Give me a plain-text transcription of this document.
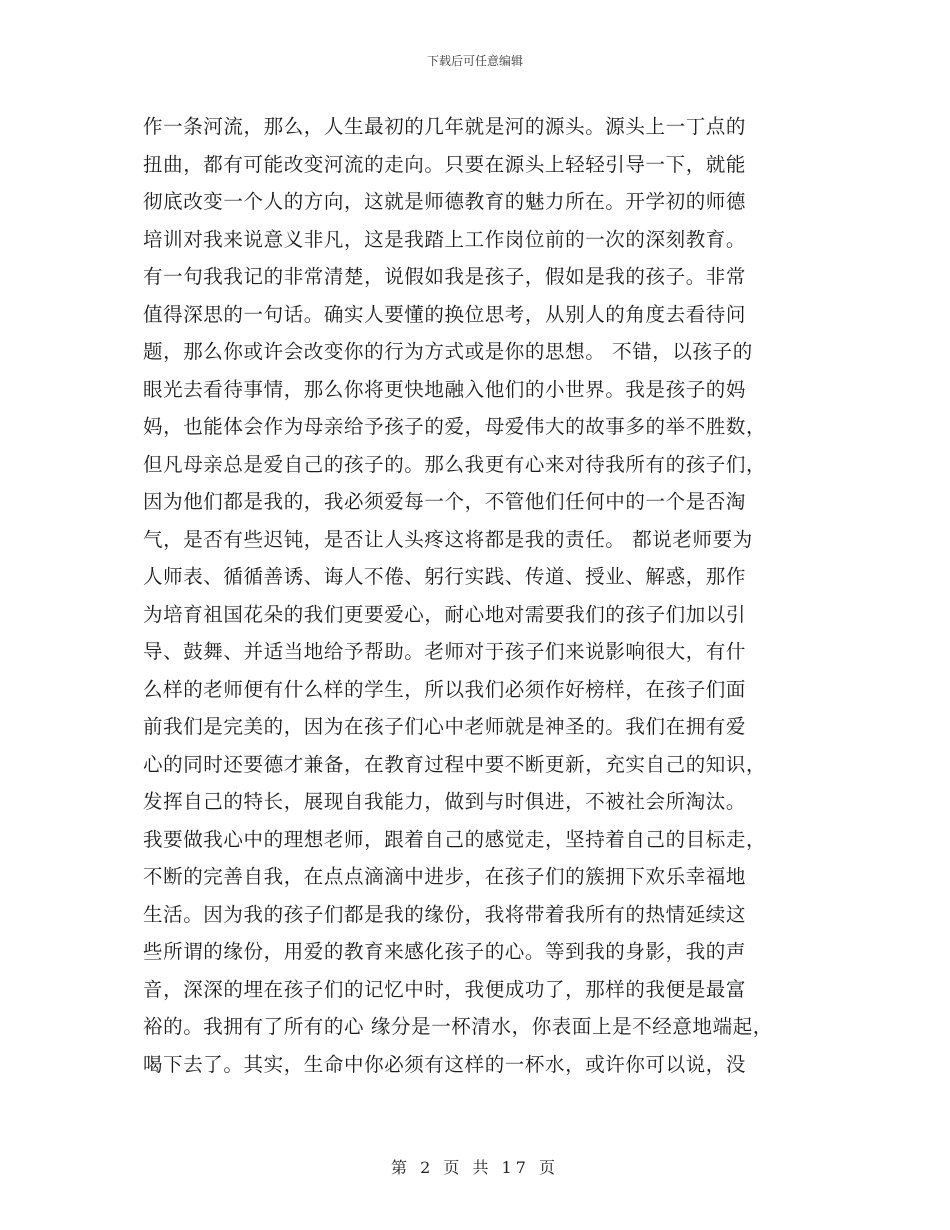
下载后可任意编辑
作一条河流，那么，人生最初的几年就是河的源头。源头上一丁点的
扭曲，都有可能改变河流的走向。只要在源头上轻轻引导一下，就能
彻底改变一个人的方向，这就是师德教育的魅力所在。开学初的师德
培训对我来说意义非凡，这是我踏上工作岗位前的一次的深刻教育。
有一句我我记的非常清楚，说假如我是孩子，假如是我的孩子。非常
值得深思的一句话。确实人要懂的换位思考，从别人的角度去看待问
题，那么你或许会改变你的行为方式或是你的思想。 不错，以孩子的
眼光去看待事情，那么你将更快地融入他们的小世界。我是孩子的妈
妈，也能体会作为母亲给予孩子的爱，母爱伟大的故事多的举不胜数，
但凡母亲总是爱自己的孩子的。那么我更有心来对待我所有的孩子们，
因为他们都是我的，我必须爱每一个，不管他们任何中的一个是否淘
气，是否有些迟钝，是否让人头疼这将都是我的责任。 都说老师要为
人师表、循循善诱、诲人不倦、躬行实践、传道、授业、解惑，那作
为培育祖国花朵的我们更要爱心，耐心地对需要我们的孩子们加以引
导、鼓舞、并适当地给予帮助。老师对于孩子们来说影响很大，有什
么样的老师便有什么样的学生，所以我们必须作好榜样，在孩子们面
前我们是完美的，因为在孩子们心中老师就是神圣的。我们在拥有爱
心的同时还要德才兼备，在教育过程中要不断更新，充实自己的知识，
发挥自己的特长，展现自我能力，做到与时俱进，不被社会所淘汰。
我要做我心中的理想老师，跟着自己的感觉走，坚持着自己的目标走，
不断的完善自我，在点点滴滴中进步，在孩子们的簇拥下欢乐幸福地
生活。因为我的孩子们都是我的缘份，我将带着我所有的热情延续这
些所谓的缘份，用爱的教育来感化孩子的心。等到我的身影，我的声
音，深深的埋在孩子们的记忆中时，我便成功了，那样的我便是最富
裕的。我拥有了所有的心 缘分是一杯清水，你表面上是不经意地端起，
喝下去了。其实，生命中你必须有这样的一杯水，或许你可以说，没
第 2 页 共 17 页
